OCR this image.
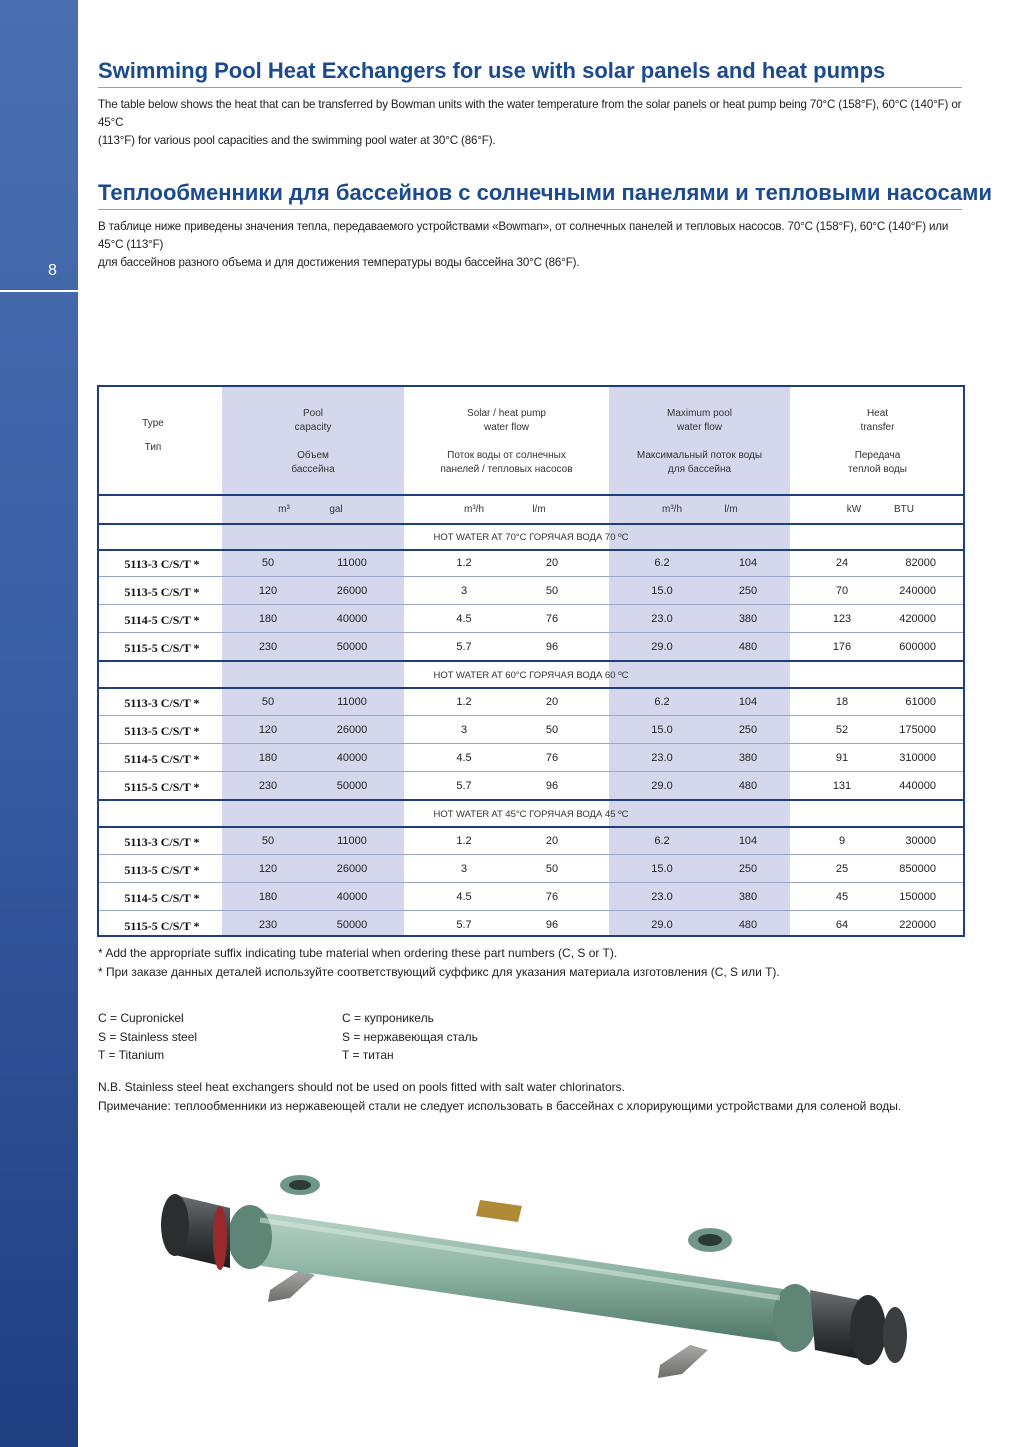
8
Swimming Pool Heat Exchangers for use with solar panels and heat pumps

The table below shows the heat that can be transferred by Bowman units with the water temperature from the solar panels or heat pump being 70°C (158°F), 60°C (140°F) or 45°C
(113°F) for various pool capacities and the swimming pool water at 30°C (86°F).

Теплообменники для бассейнов с солнечными панелями и тепловыми насосами

В таблице ниже приведены значения тепла, передаваемого устройствами «Bowman», от солнечных панелей и тепловых насосов. 70°C (158°F), 60°C (140°F) или 45°C (113°F)
для бассейнов разного объема и для достижения температуры воды бассейна 30°C (86°F).

Type
Тип
Pool
capacity

Объем
бассейна
Solar / heat pump
water flow

Поток воды от солнечных
панелей / тепловых насосов
Maximum pool
water flow

Максимальный поток воды
для бассейна
Heat
transfer

Передача
теплой воды
m³	gal	m³/h	l/m	m³/h	l/m	kW	BTU
HOT WATER AT 70°C ГОРЯЧАЯ ВОДА 70 ºC
5113-3 C/S/T *	50	11000	1.2	20	6.2	104	24	82000
5113-5 C/S/T *	120	26000	3	50	15.0	250	70	240000
5114-5 C/S/T *	180	40000	4.5	76	23.0	380	123	420000
5115-5 C/S/T *	230	50000	5.7	96	29.0	480	176	600000
HOT WATER AT 60°C ГОРЯЧАЯ ВОДА 60 ºC
5113-3 C/S/T *	50	11000	1.2	20	6.2	104	18	61000
5113-5 C/S/T *	120	26000	3	50	15.0	250	52	175000
5114-5 C/S/T *	180	40000	4.5	76	23.0	380	91	310000
5115-5 C/S/T *	230	50000	5.7	96	29.0	480	131	440000
HOT WATER AT 45°C ГОРЯЧАЯ ВОДА 45 ºC
5113-3 C/S/T *	50	11000	1.2	20	6.2	104	9	30000
5113-5 C/S/T *	120	26000	3	50	15.0	250	25	850000
5114-5 C/S/T *	180	40000	4.5	76	23.0	380	45	150000
5115-5 C/S/T *	230	50000	5.7	96	29.0	480	64	220000

* Add the appropriate suffix indicating tube material when ordering these part numbers (C, S or T).

* При заказе данных деталей используйте соответствующий суффикс для указания материала изготовления (C, S или T).

C = Cupronickel
S = Stainless steel
T = Titanium
C = купроникель
S = нержавеющая сталь
T = титан

N.B. Stainless steel heat exchangers should not be used on pools fitted with salt water chlorinators.

Примечание: теплообменники из нержавеющей стали не следует использовать в бассейнах с хлорирующими устройствами для соленой воды.
